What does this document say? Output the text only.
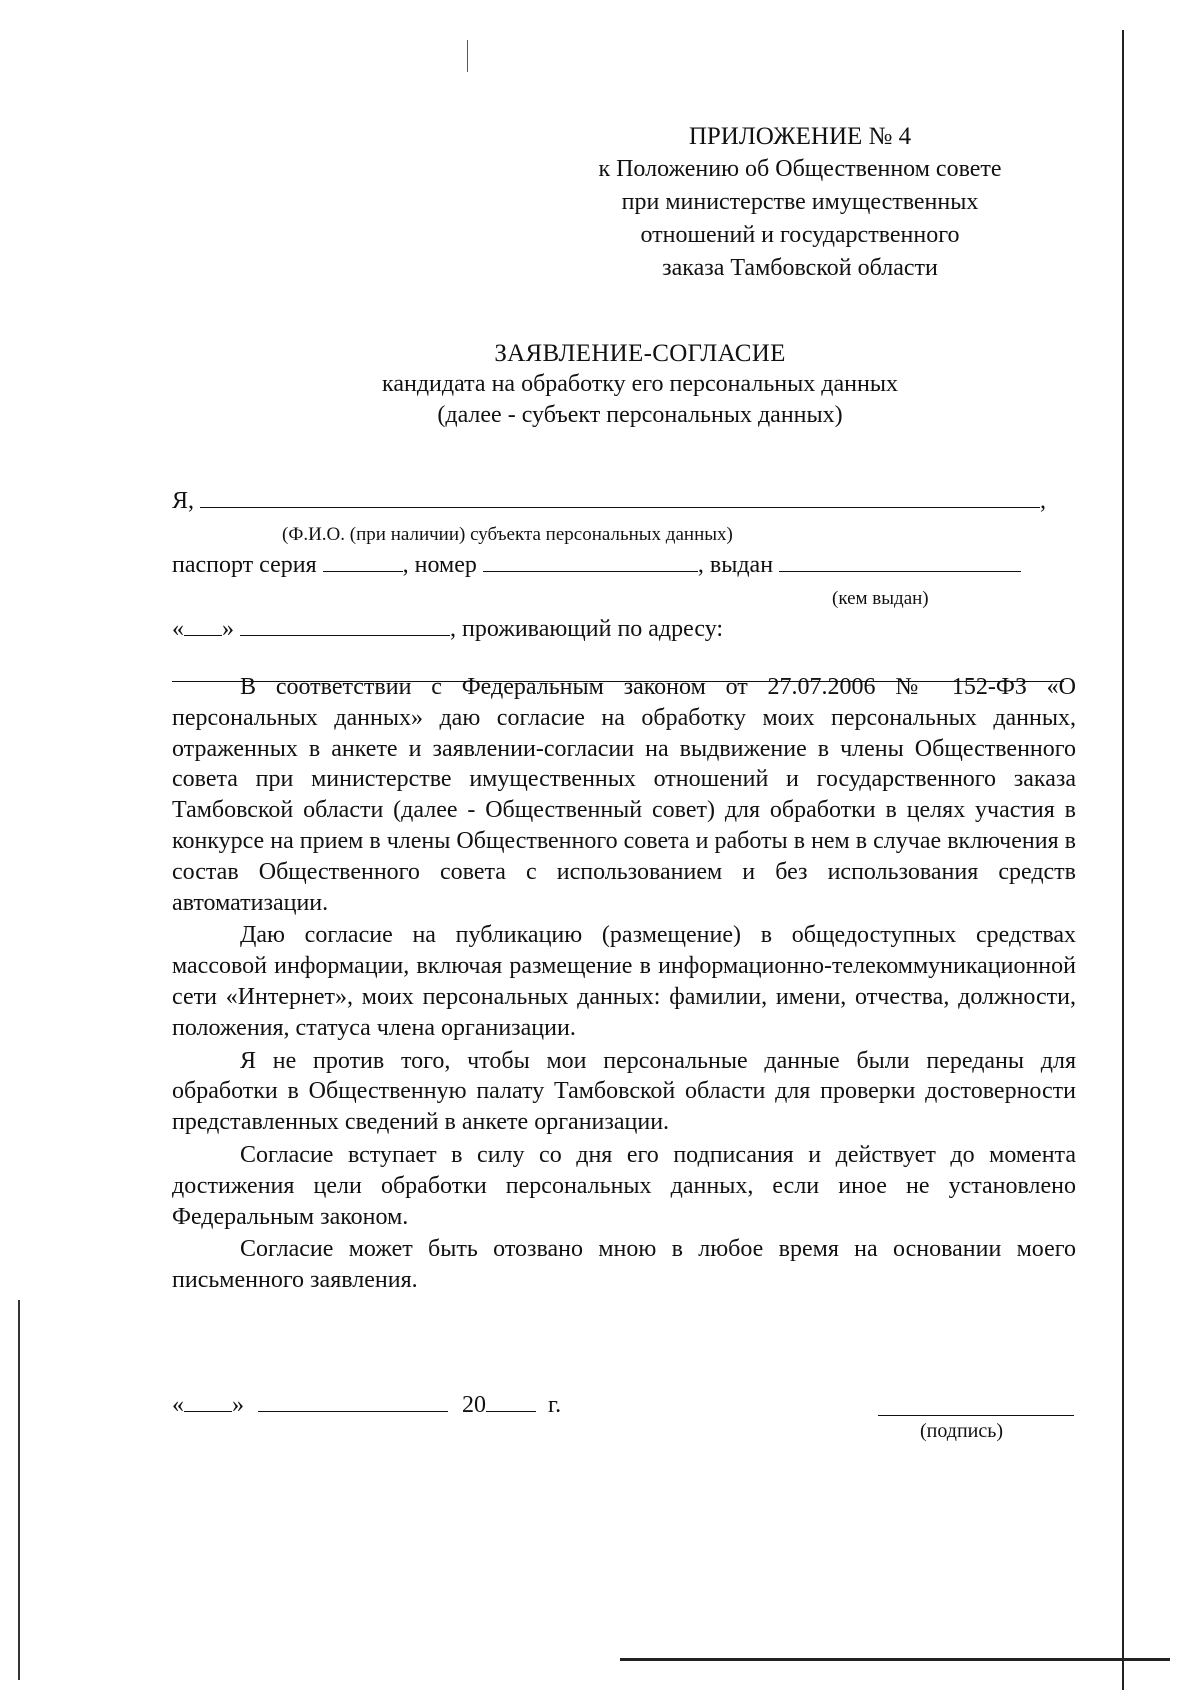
ПРИЛОЖЕНИЕ № 4
к Положению об Общественном совете
при министерстве имущественных
отношений и государственного
заказа Тамбовской области
ЗАЯВЛЕНИЕ-СОГЛАСИЕ
кандидата на обработку его персональных данных
(далее - субъект персональных данных)
Я,	,
(Ф.И.О. (при наличии) субъекта персональных данных)
паспорт серия	, номер	, выдан
(кем выдан)
« »	, проживающий по адресу:

В соответствии с Федеральным законом от 27.07.2006 № 152-ФЗ «О персональных данных» даю согласие на обработку моих персональных данных, отраженных в анкете и заявлении-согласии на выдвижение в члены Общественного совета при министерстве имущественных отношений и государственного заказа Тамбовской области (далее - Общественный совет) для обработки в целях участия в конкурсе на прием в члены Общественного совета и работы в нем в случае включения в состав Общественного совета с использованием и без использования средств автоматизации.

Даю согласие на публикацию (размещение) в общедоступных средствах массовой информации, включая размещение в информационно-телекоммуникационной сети «Интернет», моих персональных данных: фамилии, имени, отчества, должности, положения, статуса члена организации.

Я не против того, чтобы мои персональные данные были переданы для обработки в Общественную палату Тамбовской области для проверки достоверности представленных сведений в анкете организации.

Согласие вступает в силу со дня его подписания и действует до момента достижения цели обработки персональных данных, если иное не установлено Федеральным законом.

Согласие может быть отозвано мною в любое время на основании моего письменного заявления.

« »	20	г.
(подпись)
